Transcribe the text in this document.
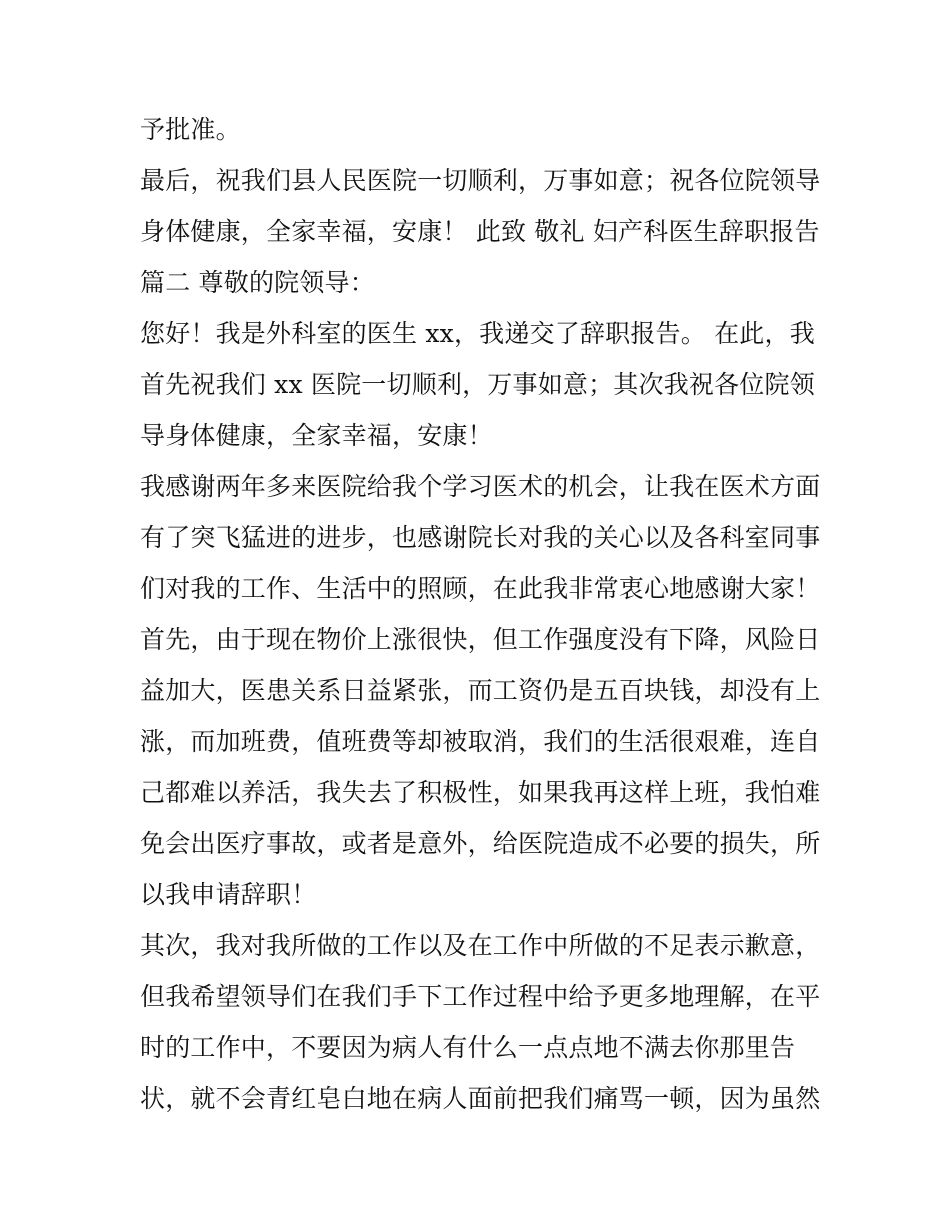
予批准。
最后，祝我们县人民医院一切顺利，万事如意；祝各位院领导
身体健康，全家幸福，安康！ 此致 敬礼 妇产科医生辞职报告
篇二 尊敬的院领导：
您好！我是外科室的医生 xx，我递交了辞职报告。 在此，我
首先祝我们 xx 医院一切顺利，万事如意；其次我祝各位院领
导身体健康，全家幸福，安康！
我感谢两年多来医院给我个学习医术的机会，让我在医术方面
有了突飞猛进的进步，也感谢院长对我的关心以及各科室同事
们对我的工作、生活中的照顾，在此我非常衷心地感谢大家！
首先，由于现在物价上涨很快，但工作强度没有下降，风险日
益加大，医患关系日益紧张，而工资仍是五百块钱，却没有上
涨，而加班费，值班费等却被取消，我们的生活很艰难，连自
己都难以养活，我失去了积极性，如果我再这样上班，我怕难
免会出医疗事故，或者是意外，给医院造成不必要的损失，所
以我申请辞职！
其次，我对我所做的工作以及在工作中所做的不足表示歉意，
但我希望领导们在我们手下工作过程中给予更多地理解，在平
时的工作中，不要因为病人有什么一点点地不满去你那里告
状，就不会青红皂白地在病人面前把我们痛骂一顿，因为虽然
